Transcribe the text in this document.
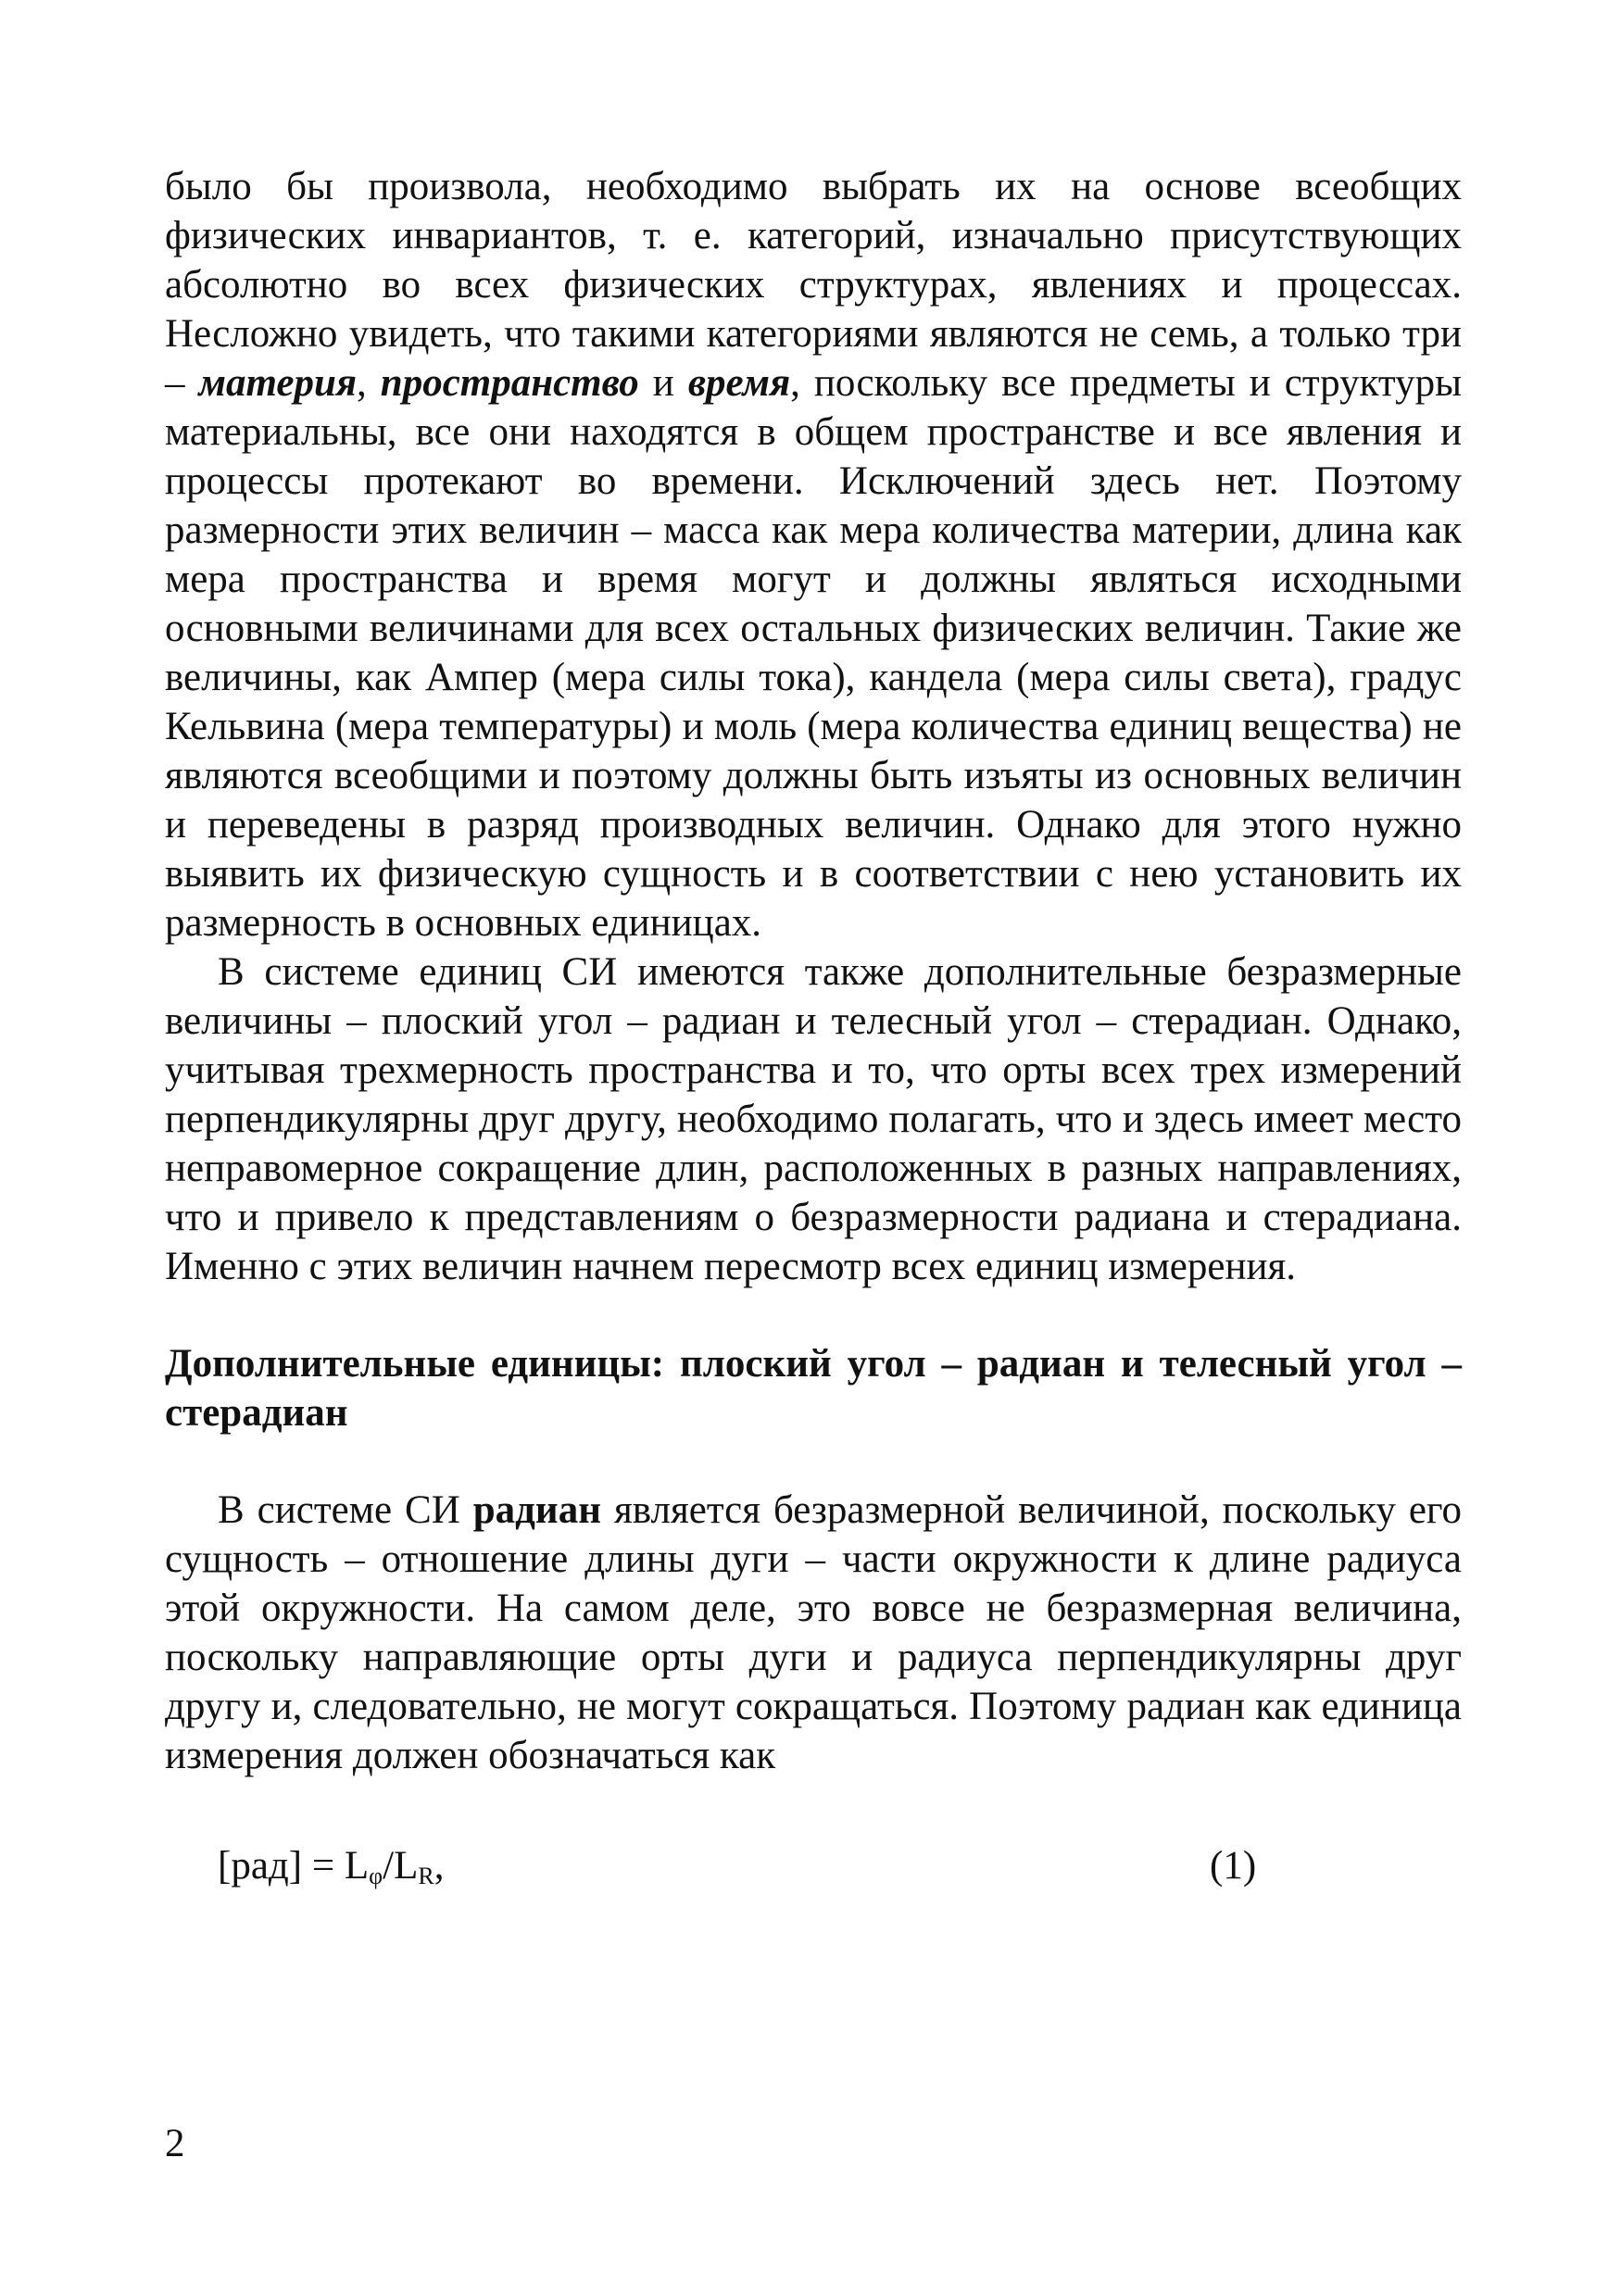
было бы произвола, необходимо выбрать их на основе всеобщих физических инвариантов, т. е. категорий, изначально присутствующих абсолютно во всех физических структурах, явлениях и процессах. Несложно увидеть, что такими категориями являются не семь, а только три – материя, пространство и время, поскольку все предметы и структуры материальны, все они находятся в общем пространстве и все явления и процессы протекают во времени. Исключений здесь нет. Поэтому размерности этих величин – масса как мера количества материи, длина как мера пространства и время могут и должны являться исходными основными величинами для всех остальных физических величин. Такие же величины, как Ампер (мера силы тока), кандела (мера силы света), градус Кельвина (мера температуры) и моль (мера количества единиц вещества) не являются всеобщими и поэтому должны быть изъяты из основных величин и переведены в разряд производных величин. Однако для этого нужно выявить их физическую сущность и в соответствии с нею установить их размерность в основных единицах.

В системе единиц СИ имеются также дополнительные безразмерные величины – плоский угол – радиан и телесный угол – стерадиан. Однако, учитывая трехмерность пространства и то, что орты всех трех измерений перпендикулярны друг другу, необходимо полагать, что и здесь имеет место неправомерное сокращение длин, расположенных в разных направлениях, что и привело к представлениям о безразмерности радиана и стерадиана. Именно с этих величин начнем пересмотр всех единиц измерения.

Дополнительные единицы: плоский угол – радиан и телесный угол – стерадиан

В системе СИ радиан является безразмерной величиной, поскольку его сущность – отношение длины дуги – части окружности к длине радиуса этой окружности. На самом деле, это вовсе не безразмерная величина, поскольку направляющие орты дуги и радиуса перпендикулярны друг другу и, следовательно, не могут сокращаться. Поэтому радиан как единица измерения должен обозначаться как

$[рад] = L_\varphi/L_R$,	(1)
2
